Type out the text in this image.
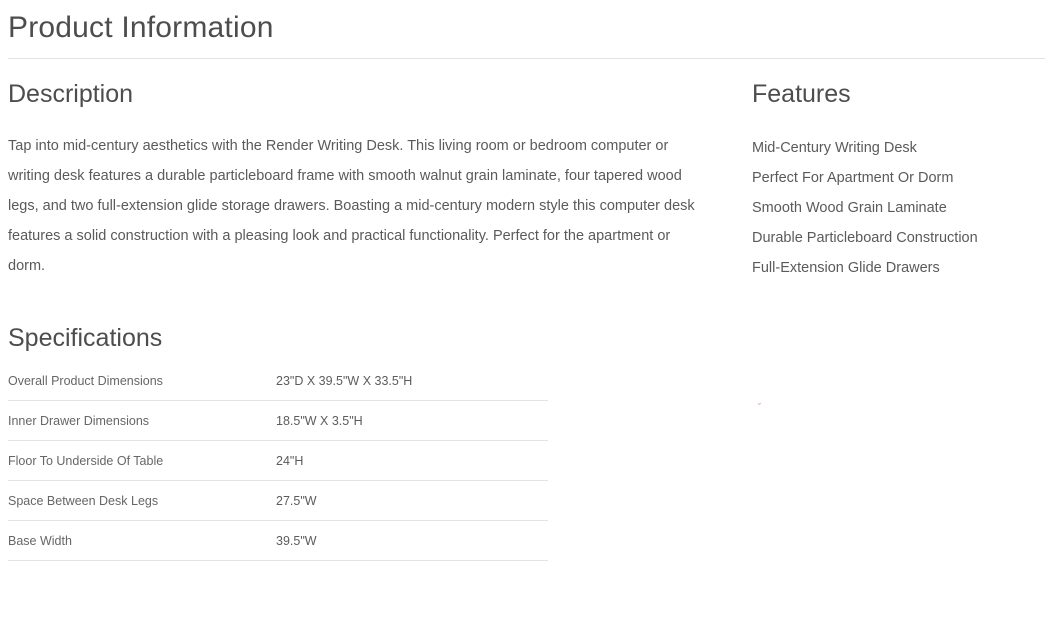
Product Information
Description

Tap into mid-century aesthetics with the Render Writing Desk. This living room or bedroom computer or writing desk features a durable particleboard frame with smooth walnut grain laminate, four tapered wood legs, and two full-extension glide storage drawers. Boasting a mid-century modern style this computer desk features a solid construction with a pleasing look and practical functionality. Perfect for the apartment or dorm.

Specifications
Overall Product Dimensions	23"D X 39.5"W X 33.5"H
Inner Drawer Dimensions	18.5"W X 3.5"H
Floor To Underside Of Table	24"H
Space Between Desk Legs	27.5"W
Base Width	39.5"W
Features
Mid-Century Writing Desk
Perfect For Apartment Or Dorm
Smooth Wood Grain Laminate
Durable Particleboard Construction
Full-Extension Glide Drawers
ˇ
